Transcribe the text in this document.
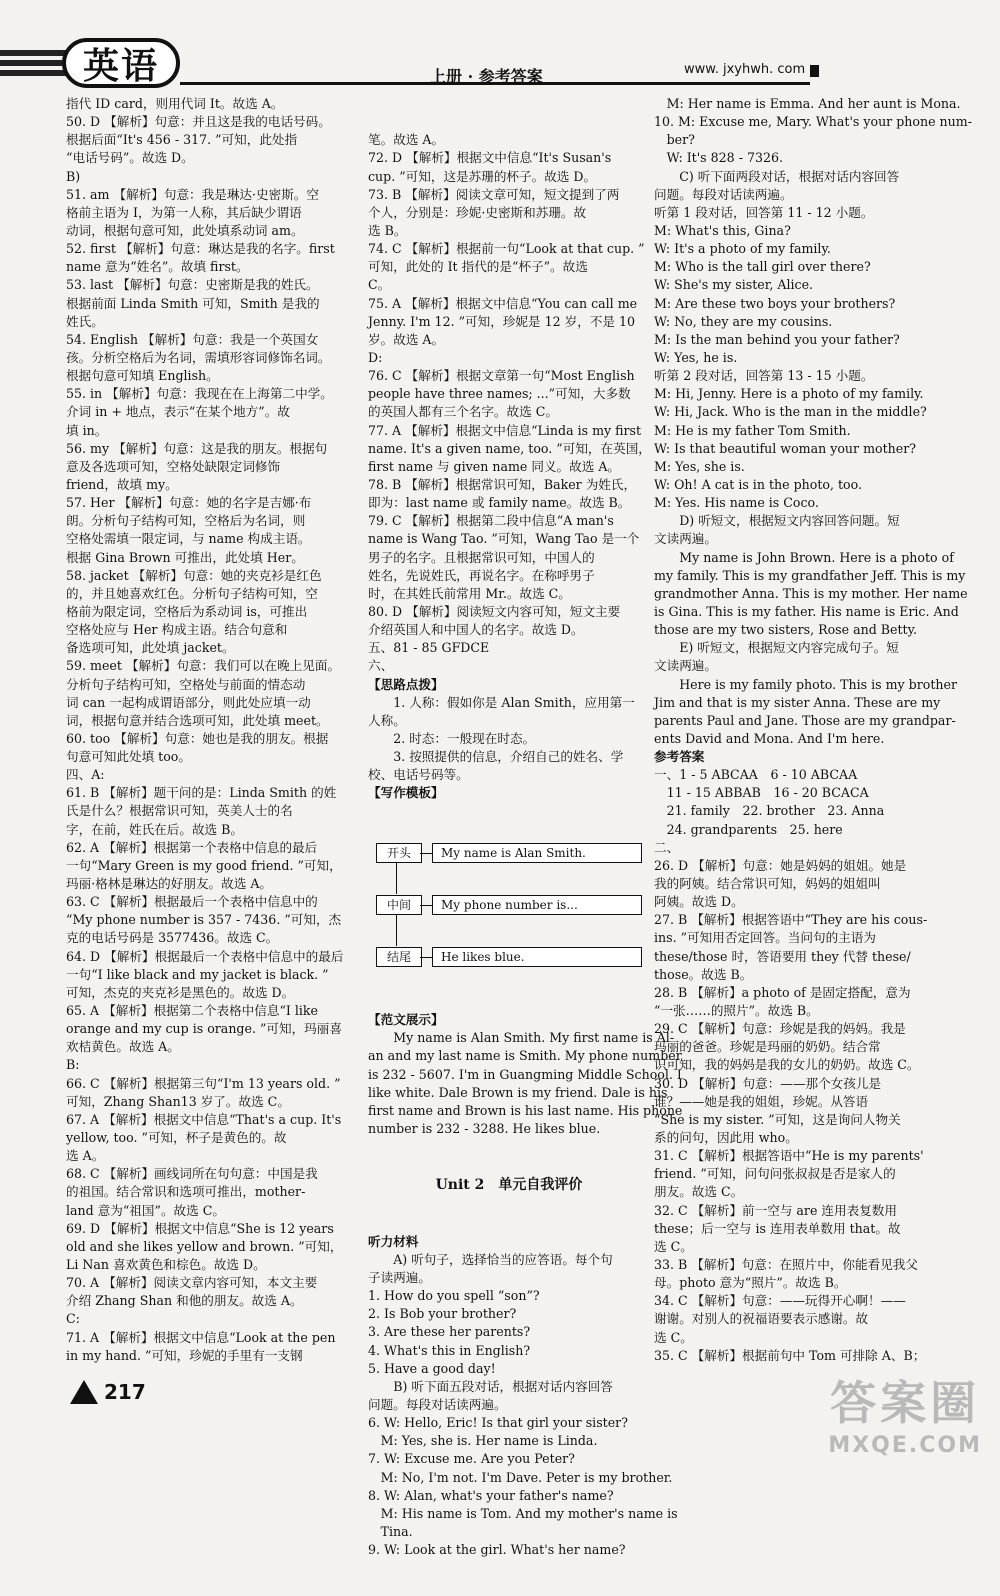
英语	上册 · 参考答案	www. jxyhwh. com
指代 ID card，则用代词 It。故选 A。
50. D 【解析】句意：并且这是我的电话号码。
根据后面“It's 456 - 317. ”可知，此处指
“电话号码”。故选 D。
B)
51. am 【解析】句意：我是琳达·史密斯。空
格前主语为 I，为第一人称，其后缺少谓语
动词，根据句意可知，此处填系动词 am。
52. first 【解析】句意：琳达是我的名字。first
name 意为“姓名”。故填 first。
53. last 【解析】句意：史密斯是我的姓氏。
根据前面 Linda Smith 可知，Smith 是我的
姓氏。
54. English 【解析】句意：我是一个英国女
孩。分析空格后为名词，需填形容词修饰名词。
根据句意可知填 English。
55. in 【解析】句意：我现在在上海第二中学。
介词 in + 地点，表示“在某个地方”。故
填 in。
56. my 【解析】句意：这是我的朋友。根据句
意及各选项可知，空格处缺限定词修饰
friend，故填 my。
57. Her 【解析】句意：她的名字是吉娜·布
朗。分析句子结构可知，空格后为名词，则
空格处需填一限定词，与 name 构成主语。
根据 Gina Brown 可推出，此处填 Her。
58. jacket 【解析】句意：她的夹克衫是红色
的，并且她喜欢红色。分析句子结构可知，空
格前为限定词，空格后为系动词 is，可推出
空格处应与 Her 构成主语。结合句意和
备选项可知，此处填 jacket。
59. meet 【解析】句意：我们可以在晚上见面。
分析句子结构可知，空格处与前面的情态动
词 can 一起构成谓语部分，则此处应填一动
词，根据句意并结合选项可知，此处填 meet。
60. too 【解析】句意：她也是我的朋友。根据
句意可知此处填 too。
四、A:
61. B 【解析】题干问的是：Linda Smith 的姓
氏是什么？根据常识可知，英美人士的名
字，在前，姓氏在后。故选 B。
62. A 【解析】根据第一个表格中信息的最后
一句“Mary Green is my good friend. ”可知，
玛丽·格林是琳达的好朋友。故选 A。
63. C 【解析】根据最后一个表格中信息中的
“My phone number is 357 - 7436. ”可知，杰
克的电话号码是 3577436。故选 C。
64. D 【解析】根据最后一个表格中信息中的最后
一句“I like black and my jacket is black. ”
可知，杰克的夹克衫是黑色的。故选 D。
65. A 【解析】根据第二个表格中信息“I like
orange and my cup is orange. ”可知，玛丽喜
欢桔黄色。故选 A。
B:
66. C 【解析】根据第三句“I'm 13 years old. ”
可知，Zhang Shan13 岁了。故选 C。
67. A 【解析】根据文中信息“That's a cup. It's
yellow, too. ”可知，杯子是黄色的。故
选 A。
68. C 【解析】画线词所在句句意：中国是我
的祖国。结合常识和选项可推出，mother-
land 意为“祖国”。故选 C。
69. D 【解析】根据文中信息“She is 12 years
old and she likes yellow and brown. ”可知，
Li Nan 喜欢黄色和棕色。故选 D。
70. A 【解析】阅读文章内容可知，本文主要
介绍 Zhang Shan 和他的朋友。故选 A。
C:
71. A 【解析】根据文中信息“Look at the pen
in my hand. ”可知，珍妮的手里有一支钢

笔。故选 A。
72. D 【解析】根据文中信息“It's Susan's
cup. ”可知，这是苏珊的杯子。故选 D。
73. B 【解析】阅读文章可知，短文提到了两
个人，分别是：珍妮·史密斯和苏珊。故
选 B。
74. C 【解析】根据前一句“Look at that cup. ”
可知，此处的 It 指代的是“杯子”。故选
C。
75. A 【解析】根据文中信息“You can call me
Jenny. I'm 12. ”可知，珍妮是 12 岁，不是 10
岁。故选 A。
D:
76. C 【解析】根据文章第一句“Most English
people have three names; ...”可知，大多数
的英国人都有三个名字。故选 C。
77. A 【解析】根据文中信息“Linda is my first
name. It's a given name, too. ”可知，在英国，
first name 与 given name 同义。故选 A。
78. B 【解析】根据常识可知，Baker 为姓氏，
即为：last name 或 family name。故选 B。
79. C 【解析】根据第二段中信息“A man's
name is Wang Tao. ”可知，Wang Tao 是一个
男子的名字。且根据常识可知，中国人的
姓名，先说姓氏，再说名字。在称呼男子
时，在其姓氏前常用 Mr.。故选 C。
80. D 【解析】阅读短文内容可知，短文主要
介绍英国人和中国人的名字。故选 D。
五、81 - 85 GFDCE
六、
【思路点拨】
　　1. 人称：假如你是 Alan Smith，应用第一
人称。
　　2. 时态：一般现在时态。
　　3. 按照提供的信息，介绍自己的姓名、学
校、电话号码等。
【写作模板】

开头

	My name is Alan Smith.

中间

	My phone number is...

结尾

	He likes blue.

【范文展示】
　　My name is Alan Smith. My first name is Al-
an and my last name is Smith. My phone number
is 232 - 5607. I'm in Guangming Middle School. I
like white. Dale Brown is my friend. Dale is his
first name and Brown is his last name. His phone
number is 232 - 3288. He likes blue.

Unit 2　单元自我评价

听力材料
　　A) 听句子，选择恰当的应答语。每个句
子读两遍。
1. How do you spell “son”?
2. Is Bob your brother?
3. Are these her parents?
4. What's this in English?
5. Have a good day!
　　B) 听下面五段对话，根据对话内容回答
问题。每段对话读两遍。
6. W: Hello, Eric! Is that girl your sister?
　M: Yes, she is. Her name is Linda.
7. W: Excuse me. Are you Peter?
　M: No, I'm not. I'm Dave. Peter is my brother.
8. W: Alan, what's your father's name?
　M: His name is Tom. And my mother's name is
　Tina.
9. W: Look at the girl. What's her name?

　M: Her name is Emma. And her aunt is Mona.
10. M: Excuse me, Mary. What's your phone num-
　ber?
　W: It's 828 - 7326.
　　C) 听下面两段对话，根据对话内容回答
问题。每段对话读两遍。
听第 1 段对话，回答第 11 - 12 小题。
M: What's this, Gina?
W: It's a photo of my family.
M: Who is the tall girl over there?
W: She's my sister, Alice.
M: Are these two boys your brothers?
W: No, they are my cousins.
M: Is the man behind you your father?
W: Yes, he is.
听第 2 段对话，回答第 13 - 15 小题。
M: Hi, Jenny. Here is a photo of my family.
W: Hi, Jack. Who is the man in the middle?
M: He is my father Tom Smith.
W: Is that beautiful woman your mother?
M: Yes, she is.
W: Oh! A cat is in the photo, too.
M: Yes. His name is Coco.
　　D) 听短文，根据短文内容回答问题。短
文读两遍。
　　My name is John Brown. Here is a photo of
my family. This is my grandfather Jeff. This is my
grandmother Anna. This is my mother. Her name
is Gina. This is my father. His name is Eric. And
those are my two sisters, Rose and Betty.
　　E) 听短文，根据短文内容完成句子。短
文读两遍。
　　Here is my family photo. This is my brother
Jim and that is my sister Anna. These are my
parents Paul and Jane. Those are my grandpar-
ents David and Mona. And I'm here.
参考答案
一、1 - 5 ABCAA　6 - 10 ABCAA
　11 - 15 ABBAB　16 - 20 BCACA
　21. family　22. brother　23. Anna
　24. grandparents　25. here
二、
26. D 【解析】句意：她是妈妈的姐姐。她是
我的阿姨。结合常识可知，妈妈的姐姐叫
阿姨。故选 D。
27. B 【解析】根据答语中“They are his cous-
ins. ”可知用否定回答。当问句的主语为
these/those 时，答语要用 they 代替 these/
those。故选 B。
28. B 【解析】a photo of 是固定搭配，意为
“一张……的照片”。故选 B。
29. C 【解析】句意：珍妮是我的妈妈。我是
玛丽的爸爸。珍妮是玛丽的奶奶。结合常
识可知，我的妈妈是我的女儿的奶奶。故选 C。
30. D 【解析】句意：——那个女孩儿是
谁？——她是我的姐姐，珍妮。从答语
“She is my sister. ”可知，这是询问人物关
系的问句，因此用 who。
31. C 【解析】根据答语中“He is my parents'
friend. ”可知，问句问张叔叔是否是家人的
朋友。故选 C。
32. C 【解析】前一空与 are 连用表复数用
these；后一空与 is 连用表单数用 that。故
选 C。
33. B 【解析】句意：在照片中，你能看见我父
母。photo 意为“照片”。故选 B。
34. C 【解析】句意：——玩得开心啊！——
谢谢。对别人的祝福语要表示感谢。故
选 C。
35. C 【解析】根据前句中 Tom 可排除 A、B；
217	答案圈
MXQE.COM
